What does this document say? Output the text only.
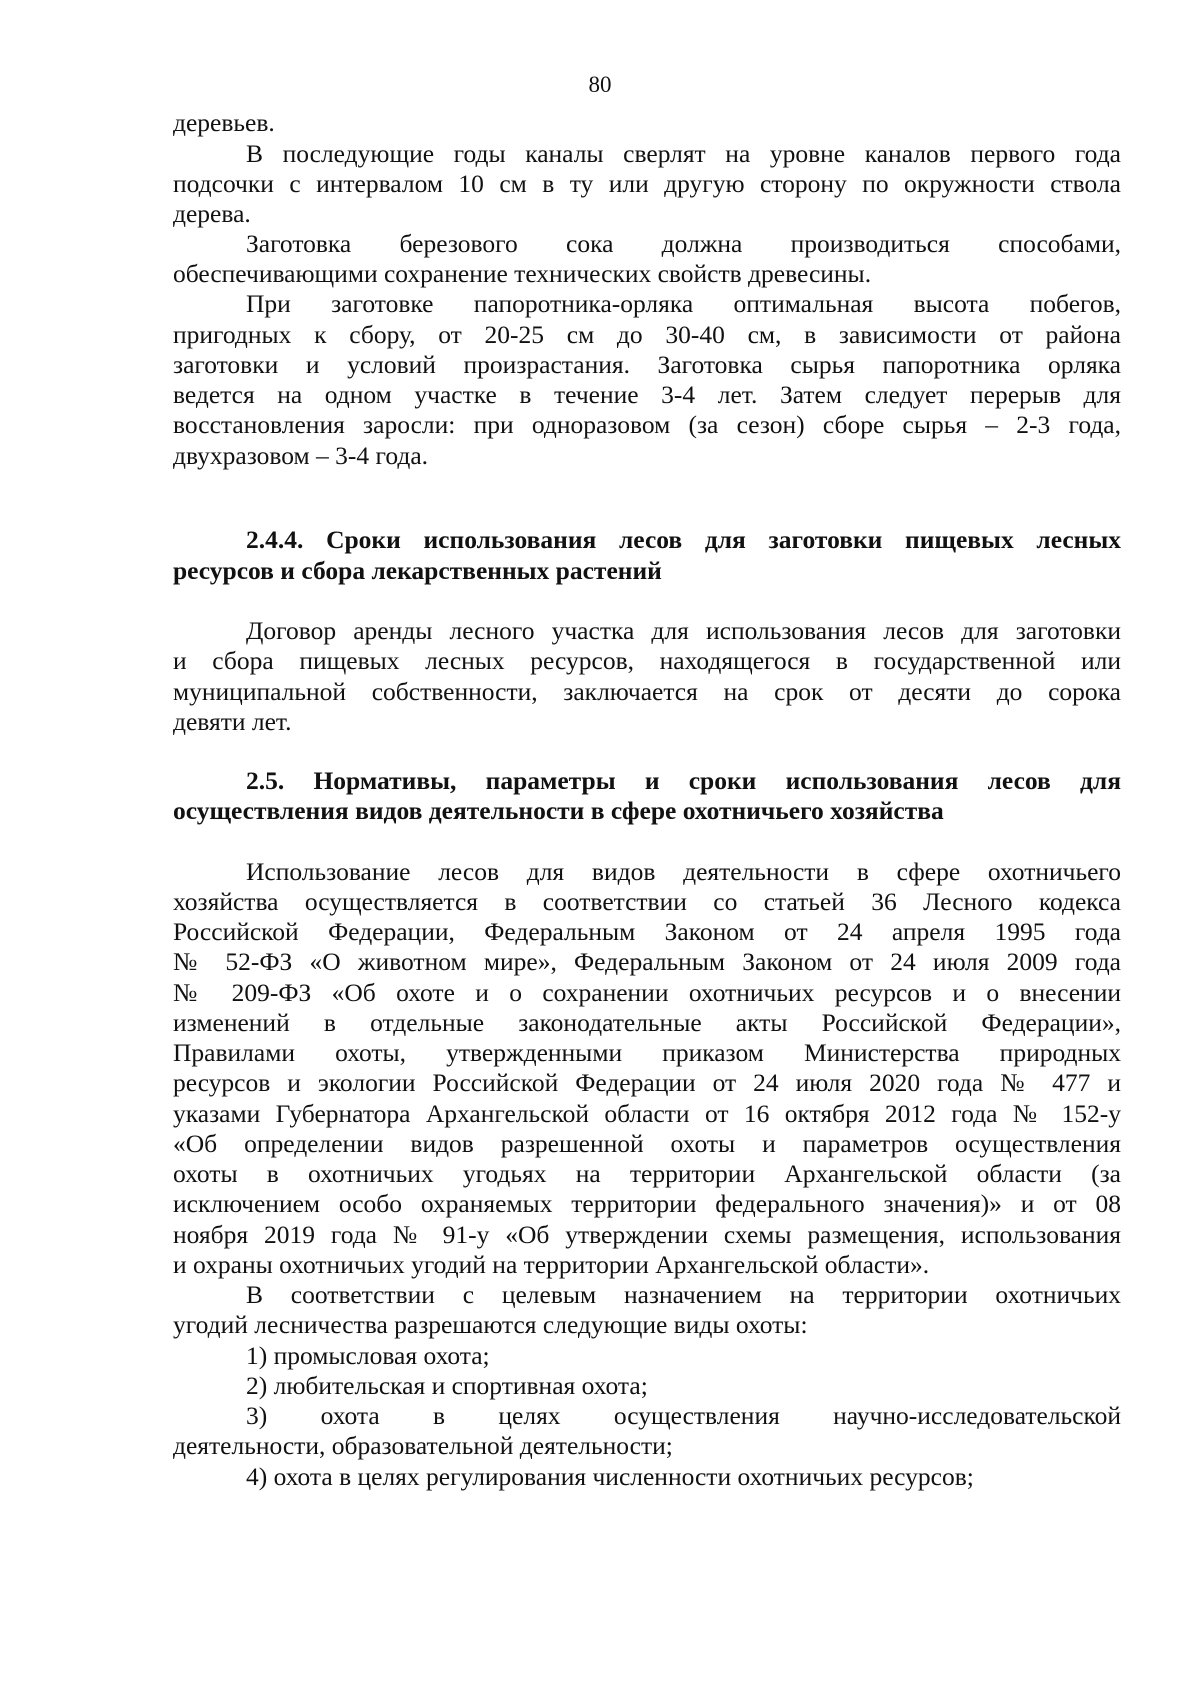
80
деревьев.
В последующие годы каналы сверлят на уровне каналов первого года
подсочки с интервалом 10 см в ту или другую сторону по окружности ствола
дерева.
Заготовка березового сока должна производиться способами,
обеспечивающими сохранение технических свойств древесины.
При заготовке папоротника-орляка оптимальная высота побегов,
пригодных к сбору, от 20-25 см до 30-40 см, в зависимости от района
заготовки и условий произрастания. Заготовка сырья папоротника орляка
ведется на одном участке в течение 3-4 лет. Затем следует перерыв для
восстановления заросли: при одноразовом (за сезон) сборе сырья – 2-3 года,
двухразовом – 3-4 года.
2.4.4. Сроки использования лесов для заготовки пищевых лесных
ресурсов и сбора лекарственных растений
Договор аренды лесного участка для использования лесов для заготовки
и сбора пищевых лесных ресурсов, находящегося в государственной или
муниципальной собственности, заключается на срок от десяти до сорока
девяти лет.
2.5. Нормативы, параметры и сроки использования лесов для
осуществления видов деятельности в сфере охотничьего хозяйства
Использование лесов для видов деятельности в сфере охотничьего
хозяйства осуществляется в соответствии со статьей 36 Лесного кодекса
Российской Федерации, Федеральным Законом от 24 апреля 1995 года
№ 52-ФЗ «О животном мире», Федеральным Законом от 24 июля 2009 года
№ 209-ФЗ «Об охоте и о сохранении охотничьих ресурсов и о внесении
изменений в отдельные законодательные акты Российской Федерации»,
Правилами охоты, утвержденными приказом Министерства природных
ресурсов и экологии Российской Федерации от 24 июля 2020 года № 477 и
указами Губернатора Архангельской области от 16 октября 2012 года № 152-у
«Об определении видов разрешенной охоты и параметров осуществления
охоты в охотничьих угодьях на территории Архангельской области (за
исключением особо охраняемых территории федерального значения)» и от 08
ноября 2019 года № 91-у «Об утверждении схемы размещения, использования
и охраны охотничьих угодий на территории Архангельской области».
В соответствии с целевым назначением на территории охотничьих
угодий лесничества разрешаются следующие виды охоты:
1) промысловая охота;
2) любительская и спортивная охота;
3) охота в целях осуществления научно-исследовательской
деятельности, образовательной деятельности;
4) охота в целях регулирования численности охотничьих ресурсов;
